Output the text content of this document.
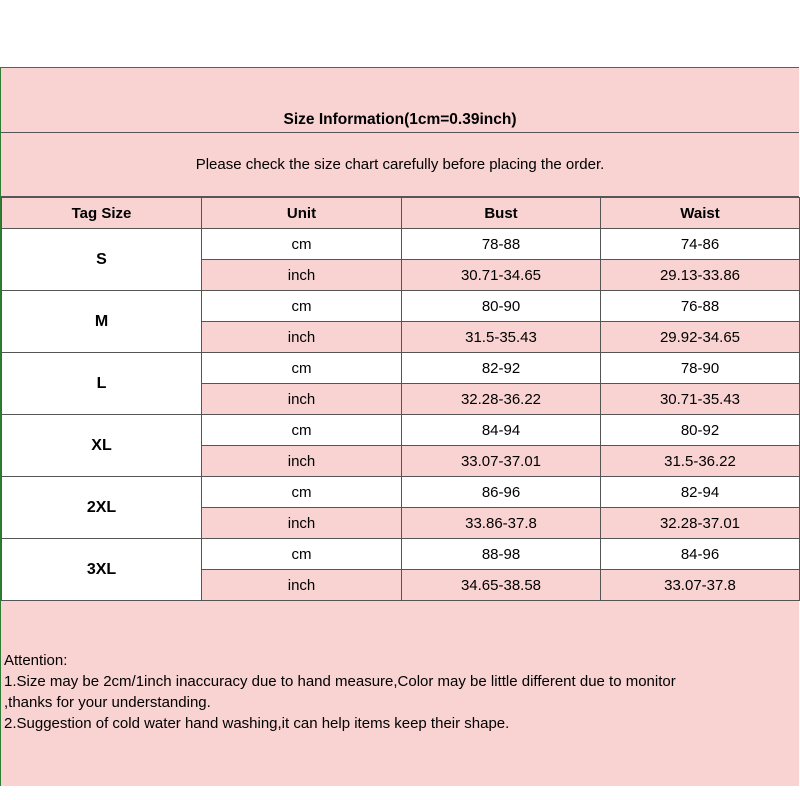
Size Information(1cm=0.39inch)
Please check the size chart carefully before placing the order.
Tag Size	Unit	Bust	Waist
S	cm	78-88	74-86
	inch	30.71-34.65	29.13-33.86
M	cm	80-90	76-88
	inch	31.5-35.43	29.92-34.65
L	cm	82-92	78-90
	inch	32.28-36.22	30.71-35.43
XL	cm	84-94	80-92
	inch	33.07-37.01	31.5-36.22
2XL	cm	86-96	82-94
	inch	33.86-37.8	32.28-37.01
3XL	cm	88-98	84-96
	inch	34.65-38.58	33.07-37.8
Attention:
1.Size may be 2cm/1inch inaccuracy due to hand measure,Color may be little different due to monitor
,thanks for your understanding.
2.Suggestion of cold water hand washing,it can help items keep their shape.
